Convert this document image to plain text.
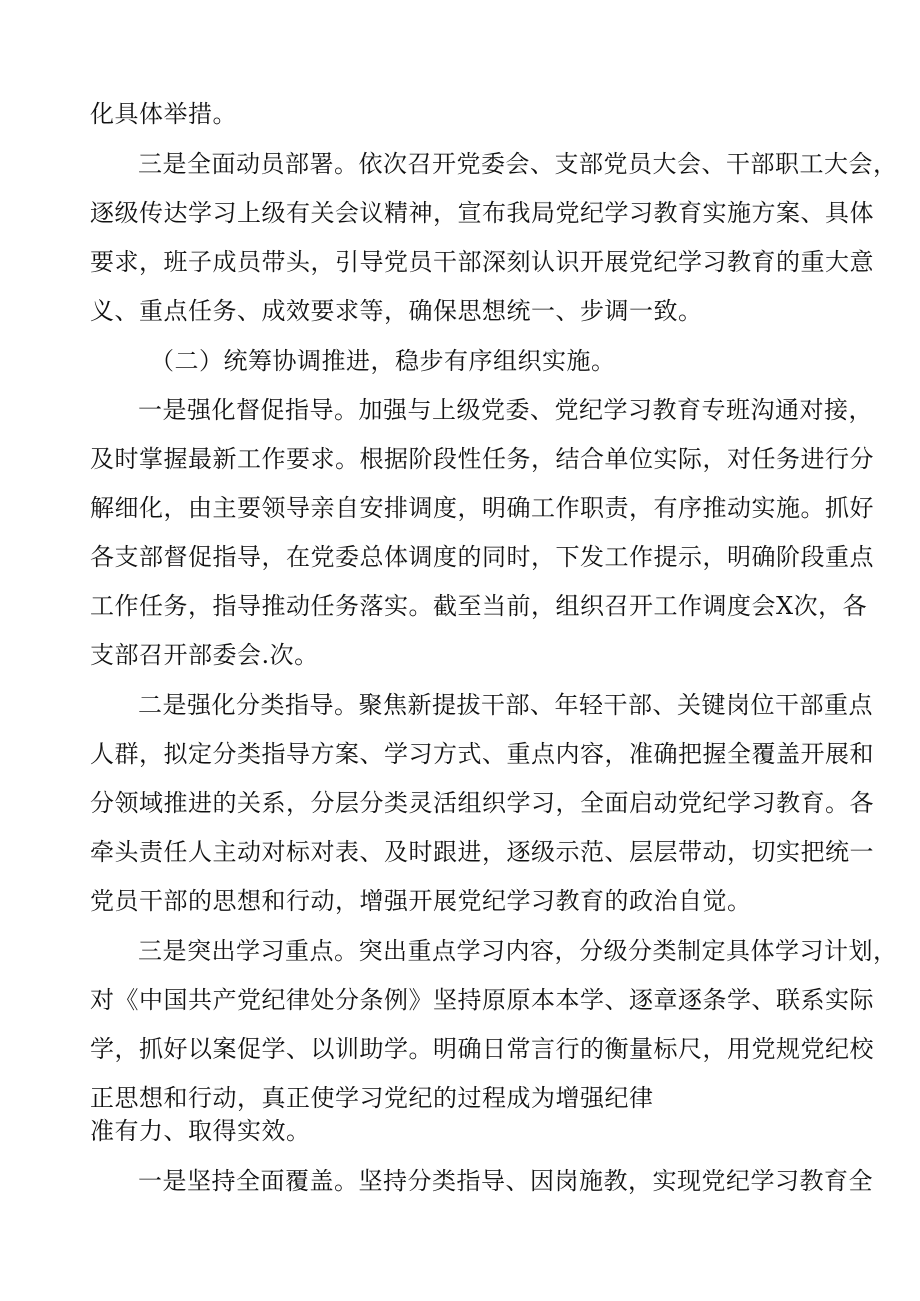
化具体举措。
三是全面动员部署。依次召开党委会、支部党员大会、干部职工大会，
逐级传达学习上级有关会议精神，宣布我局党纪学习教育实施方案、具体
要求，班子成员带头，引导党员干部深刻认识开展党纪学习教育的重大意
义、重点任务、成效要求等，确保思想统一、步调一致。
（二）统筹协调推进，稳步有序组织实施。
一是强化督促指导。加强与上级党委、党纪学习教育专班沟通对接，
及时掌握最新工作要求。根据阶段性任务，结合单位实际，对任务进行分
解细化，由主要领导亲自安排调度，明确工作职责，有序推动实施。抓好
各支部督促指导，在党委总体调度的同时，下发工作提示，明确阶段重点
工作任务，指导推动任务落实。截至当前，组织召开工作调度会X次，各
支部召开部委会.次。
二是强化分类指导。聚焦新提拔干部、年轻干部、关键岗位干部重点
人群，拟定分类指导方案、学习方式、重点内容，准确把握全覆盖开展和
分领域推进的关系，分层分类灵活组织学习，全面启动党纪学习教育。各
牵头责任人主动对标对表、及时跟进，逐级示范、层层带动，切实把统一
党员干部的思想和行动，增强开展党纪学习教育的政治自觉。
三是突出学习重点。突出重点学习内容，分级分类制定具体学习计划，
对《中国共产党纪律处分条例》坚持原原本本学、逐章逐条学、联系实际
学，抓好以案促学、以训助学。明确日常言行的衡量标尺，用党规党纪校
正思想和行动，真正使学习党纪的过程成为增强纪律
准有力、取得实效。
一是坚持全面覆盖。坚持分类指导、因岗施教，实现党纪学习教育全
